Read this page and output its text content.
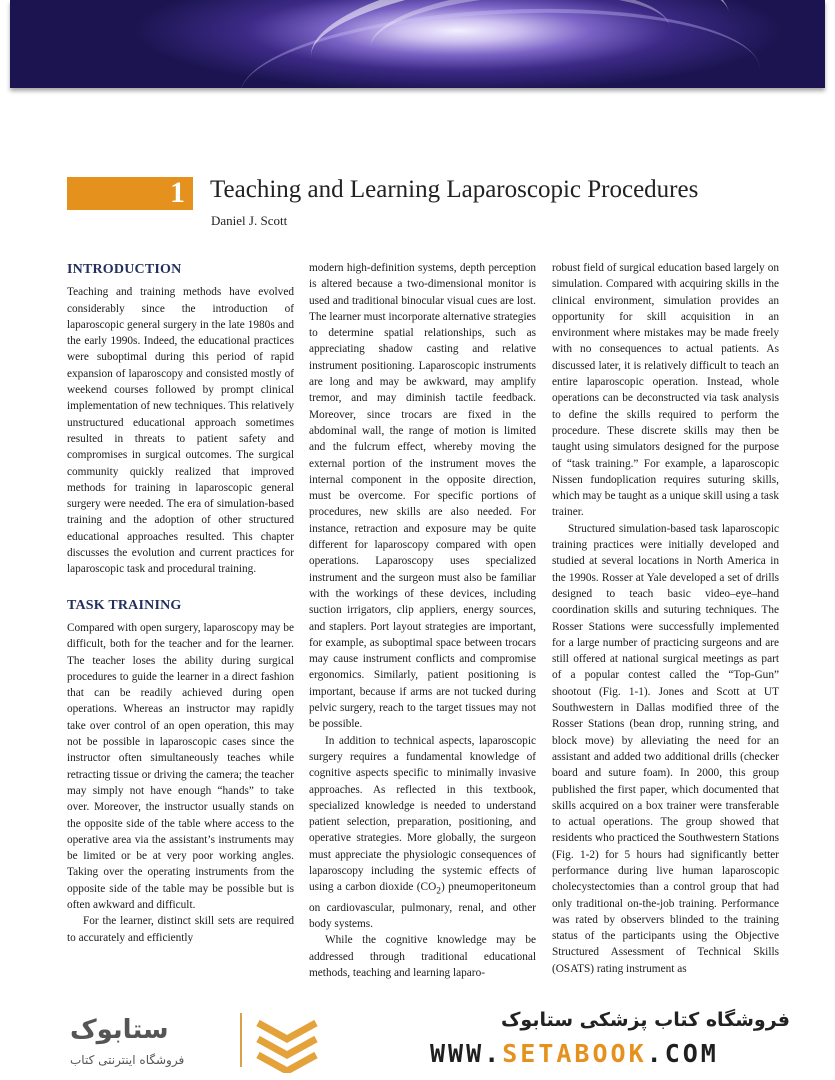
1 Teaching and Learning Laparoscopic Procedures
Daniel J. Scott
INTRODUCTION

Teaching and training methods have evolved considerably since the introduction of laparoscopic general surgery in the late 1980s and the early 1990s. Indeed, the educational practices were suboptimal during this period of rapid expansion of laparoscopy and consisted mostly of weekend courses followed by prompt clinical implementation of new techniques. This relatively unstructured educational approach sometimes resulted in threats to patient safety and compromises in surgical outcomes. The surgical community quickly realized that improved methods for training in laparoscopic general surgery were needed. The era of simulation-based training and the adoption of other structured educational approaches resulted. This chapter discusses the evolution and current practices for laparoscopic task and procedural training.

TASK TRAINING

Compared with open surgery, laparoscopy may be difficult, both for the teacher and for the learner. The teacher loses the ability during surgical procedures to guide the learner in a direct fashion that can be readily achieved during open operations. Whereas an instructor may rapidly take over control of an open operation, this may not be possible in laparoscopic cases since the instructor often simultaneously teaches while retracting tissue or driving the camera; the teacher may simply not have enough “hands” to take over. Moreover, the instructor usually stands on the opposite side of the table where access to the operative area via the assistant’s instruments may be limited or be at very poor working angles. Taking over the operating instruments from the opposite side of the table may be possible but is often awkward and difficult.

For the learner, distinct skill sets are required to accurately and efficiently

modern high-definition systems, depth perception is altered because a two-dimensional monitor is used and traditional binocular visual cues are lost. The learner must incorporate alternative strategies to determine spatial relationships, such as appreciating shadow casting and relative instrument positioning. Laparoscopic instruments are long and may be awkward, may amplify tremor, and may diminish tactile feedback. Moreover, since trocars are fixed in the abdominal wall, the range of motion is limited and the fulcrum effect, whereby moving the external portion of the instrument moves the internal component in the opposite direction, must be overcome. For specific portions of procedures, new skills are also needed. For instance, retraction and exposure may be quite different for laparoscopy compared with open operations. Laparoscopy uses specialized instrument and the surgeon must also be familiar with the workings of these devices, including suction irrigators, clip appliers, energy sources, and staplers. Port layout strategies are important, for example, as suboptimal space between trocars may cause instrument conflicts and compromise ergonomics. Similarly, patient positioning is important, because if arms are not tucked during pelvic surgery, reach to the target tissues may not be possible.

In addition to technical aspects, laparoscopic surgery requires a fundamental knowledge of cognitive aspects specific to minimally invasive approaches. As reflected in this textbook, specialized knowledge is needed to understand patient selection, preparation, positioning, and operative strategies. More globally, the surgeon must appreciate the physiologic consequences of laparoscopy including the systemic effects of using a carbon dioxide $(CO_2)$ pneumoperitoneum on cardiovascular, pulmonary, renal, and other body systems.

While the cognitive knowledge may be addressed through traditional educational methods, teaching and learning laparo-

robust field of surgical education based largely on simulation. Compared with acquiring skills in the clinical environment, simulation provides an opportunity for skill acquisition in an environment where mistakes may be made freely with no consequences to actual patients. As discussed later, it is relatively difficult to teach an entire laparoscopic operation. Instead, whole operations can be deconstructed via task analysis to define the skills required to perform the procedure. These discrete skills may then be taught using simulators designed for the purpose of “task training.” For example, a laparoscopic Nissen fundoplication requires suturing skills, which may be taught as a unique skill using a task trainer.

Structured simulation-based task laparoscopic training practices were initially developed and studied at several locations in North America in the 1990s. Rosser at Yale developed a set of drills designed to teach basic video–eye–hand coordination skills and suturing techniques. The Rosser Stations were successfully implemented for a large number of practicing surgeons and are still offered at national surgical meetings as part of a popular contest called the “Top-Gun” shootout (Fig. 1-1). Jones and Scott at UT Southwestern in Dallas modified three of the Rosser Stations (bean drop, running string, and block move) by alleviating the need for an assistant and added two additional drills (checker board and suture foam). In 2000, this group published the first paper, which documented that skills acquired on a box trainer were transferable to actual operations. The group showed that residents who practiced the Southwestern Stations (Fig. 1-2) for 5 hours had significantly better performance during live human laparoscopic cholecystectomies than a control group that had only traditional on-the-job training. Performance was rated by observers blinded to the training status of the participants using the Objective Structured Assessment of Technical Skills (OSATS) rating instrument as

ستابوک
فروشگاه اینترنتی کتاب
فروشگاه کتاب پزشکی ستابوک
WWW.SETABOOK.COM
